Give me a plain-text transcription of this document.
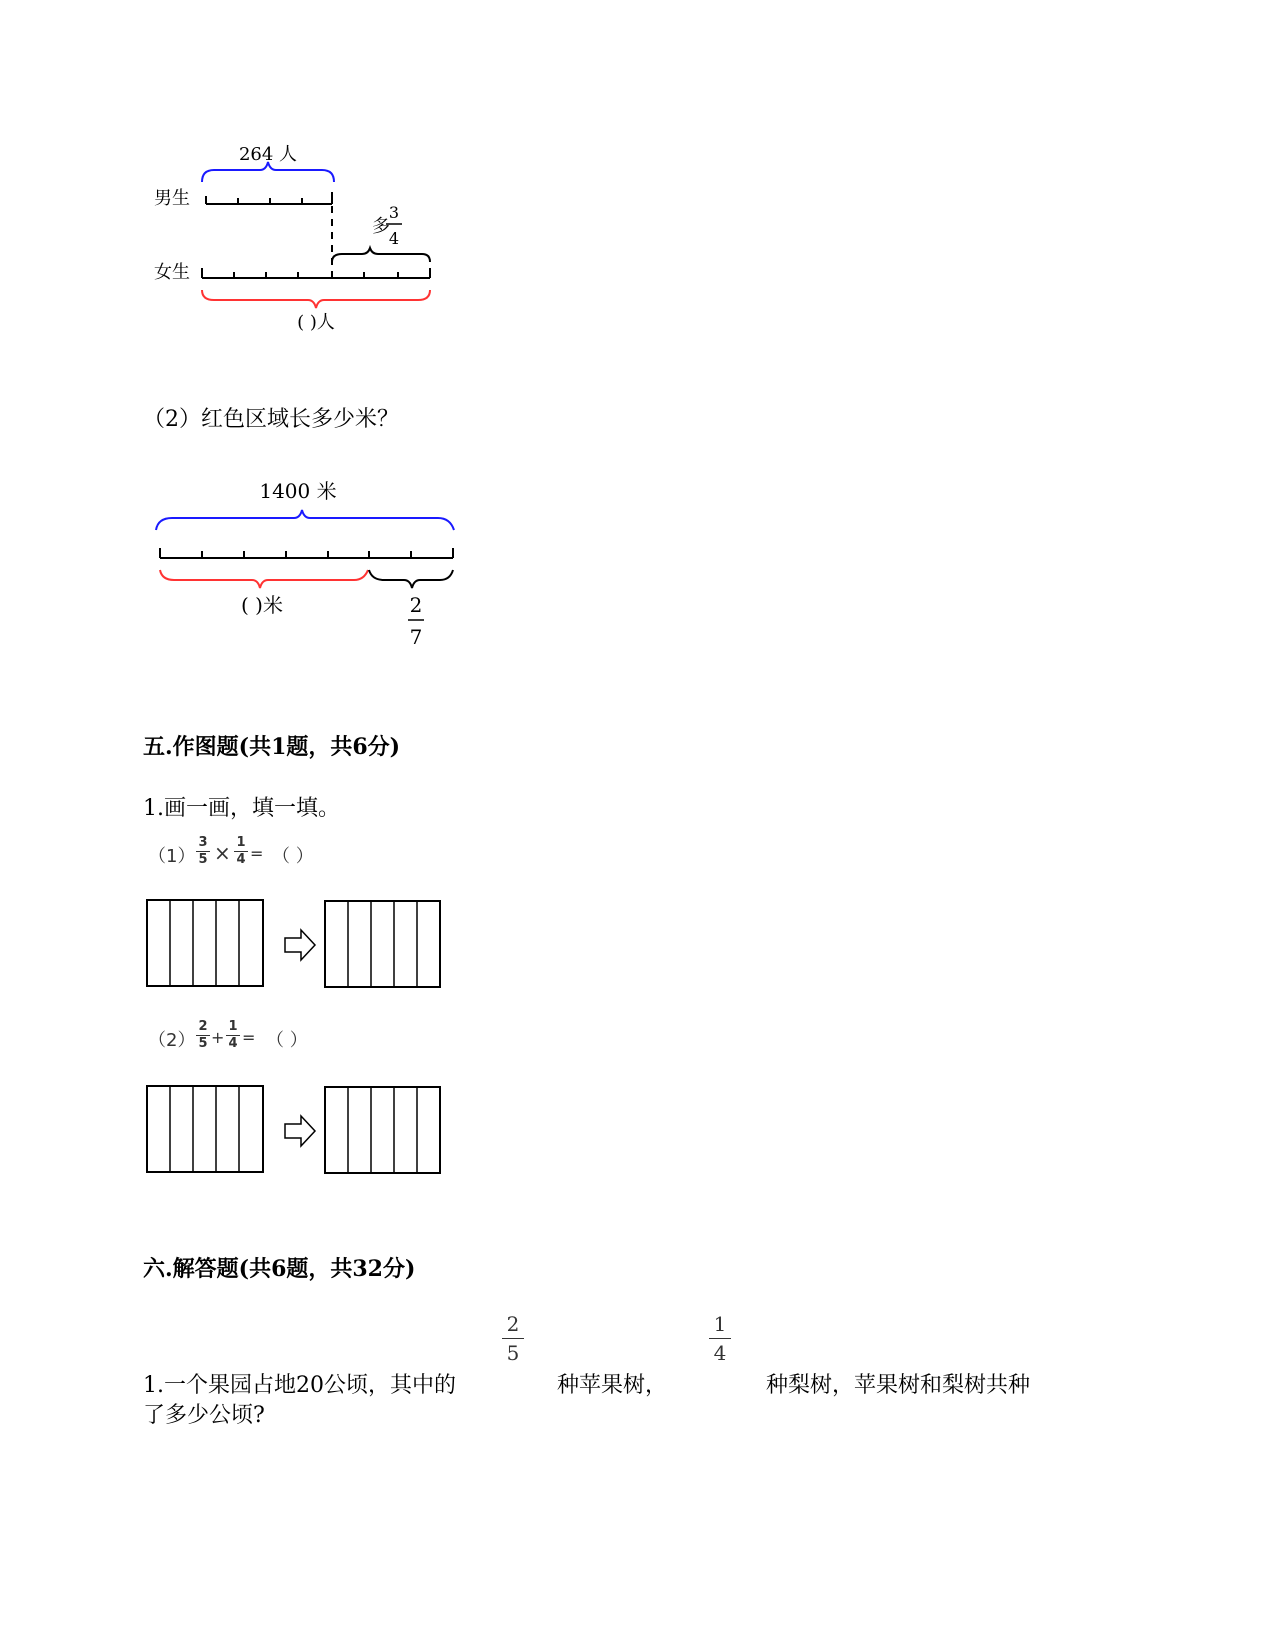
264 人
男生
多
3
4
女生
( )人
（2）红色区域长多少米？
1400 米
( )米	2
7
五.作图题(共1题，共6分)
1.画一画，填一填。
（1）
3
5 × 1
4 = （ ）
（2）
2
5 +
1
4 = （ ）
六.解答题(共6题，共32分)
1.一个果园占地20公顷，其中的
2
5
种苹果树，
1
4
种梨树，苹果树和梨树共种
了多少公顷?
